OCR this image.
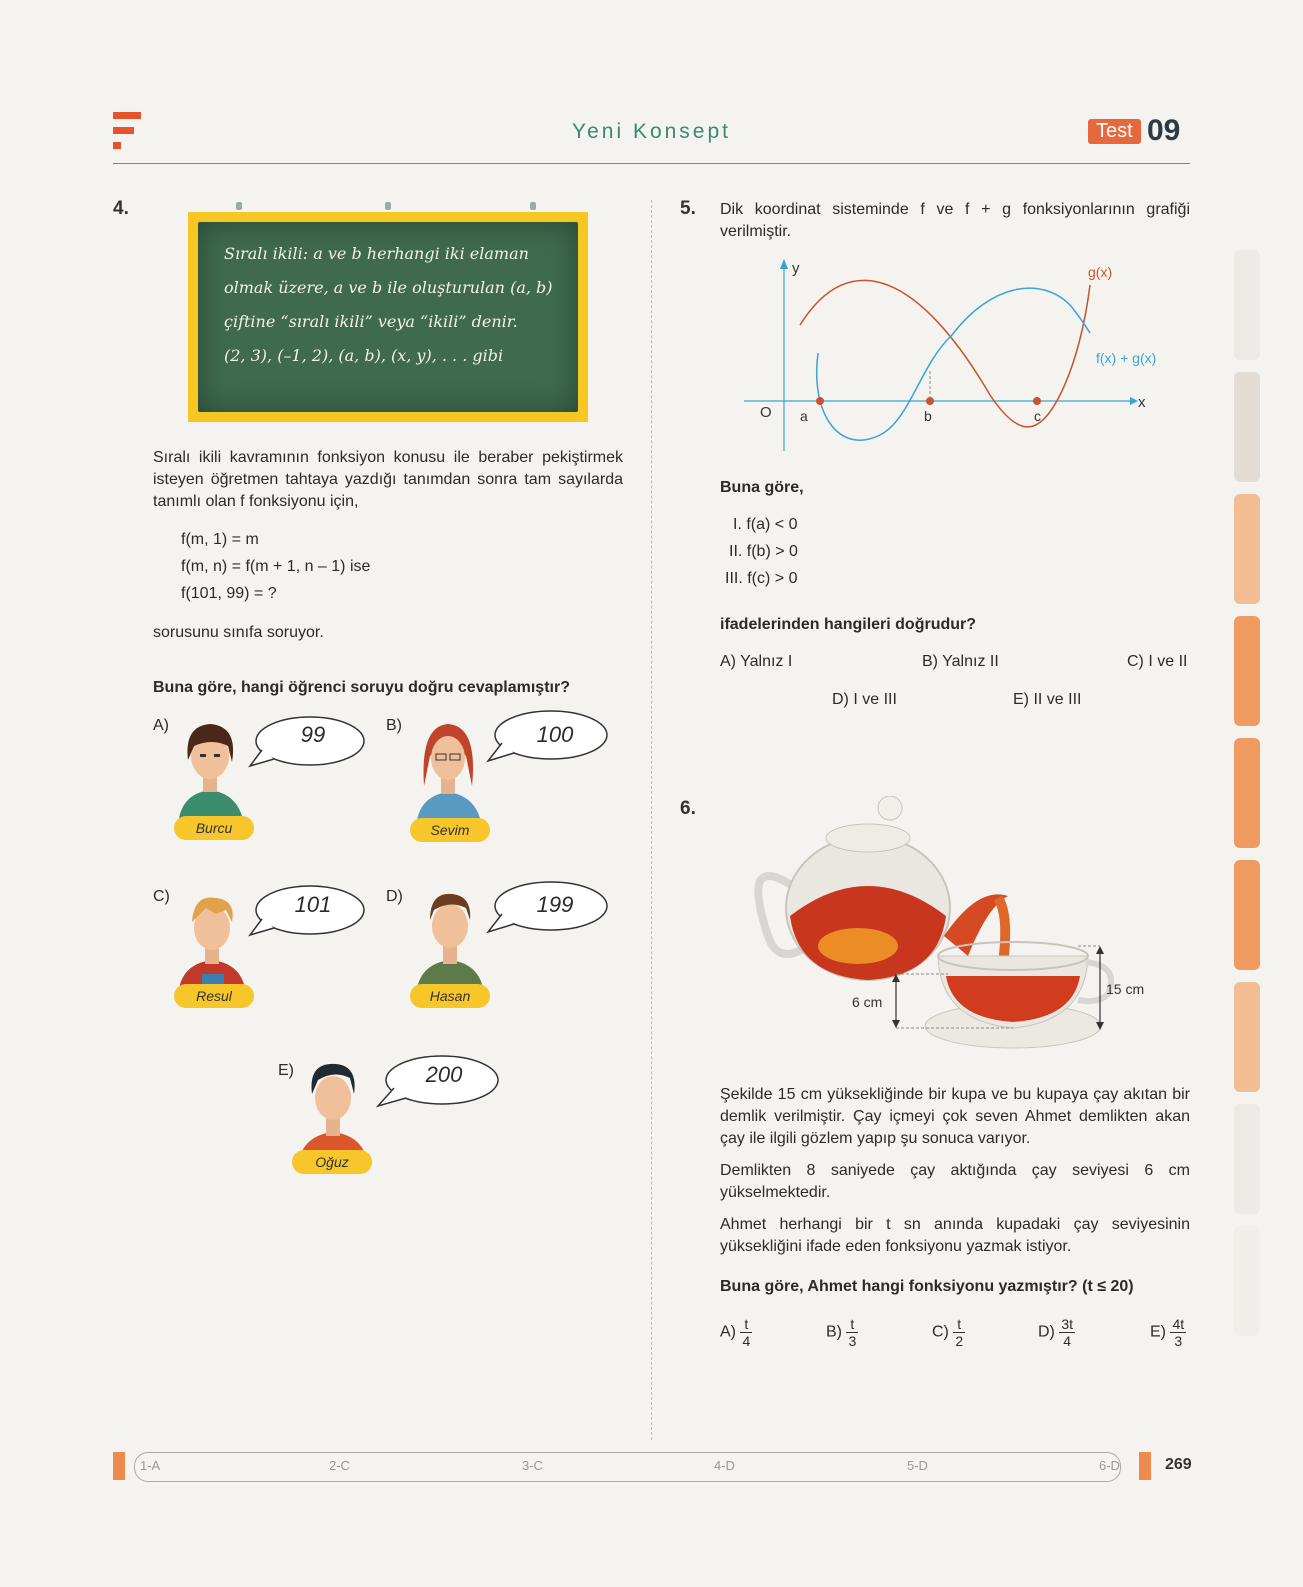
Yeni Konsept	Test 09
4.
Sıralı ikili: a ve b herhangi iki elaman
olmak üzere, a ve b ile oluşturulan (a, b)
çiftine “sıralı ikili” veya “ikili” denir.
(2, 3), (–1, 2), (a, b), (x, y), . . . gibi
Sıralı ikili kavramının fonksiyon konusu ile beraber pekiştirmek isteyen öğretmen tahtaya yazdığı tanımdan sonra tam sayılarda tanımlı olan f fonksiyonu için,
f(m, 1) = m
f(m, n) = f(m + 1, n – 1) ise
f(101, 99) = ?
sorusunu sınıfa soruyor.
Buna göre, hangi öğrenci soruyu doğru cevaplamıştır?
A)
Burcu
99	B)
Sevim
100
C)
Resul
101	D)
Hasan
199
E)
Oğuz
200
5. Dik koordinat sisteminde f ve f + g fonksiyonlarının grafiği verilmiştir.
y
x
O a	b	c
g(x)
f(x) + g(x)
Buna göre,
I. f(a) < 0
II. f(b) > 0
III. f(c) > 0
ifadelerinden hangileri doğrudur?
A) Yalnız I	B) Yalnız II	C) I ve II
D) I ve III	E) II ve III
6.
15 cm
6 cm
Şekilde 15 cm yüksekliğinde bir kupa ve bu kupaya çay akıtan bir demlik verilmiştir. Çay içmeyi çok seven Ahmet demlikten akan çay ile ilgili gözlem yapıp şu sonuca varıyor.
Demlikten 8 saniyede çay aktığında çay seviyesi 6 cm yükselmektedir.
Ahmet herhangi bir t sn anında kupadaki çay seviyesinin yüksekliğini ifade eden fonksiyonu yazmak istiyor.
Buna göre, Ahmet hangi fonksiyonu yazmıştır? (t ≤ 20)
$A) \frac{t}{4}$	$B) \frac{t}{3}$	$C) \frac{t}{2}$	$D) \frac{3t}{4}$	$E) \frac{4t}{3}$
1-A	2-C	3-C	4-D	5-D	6-D	269
